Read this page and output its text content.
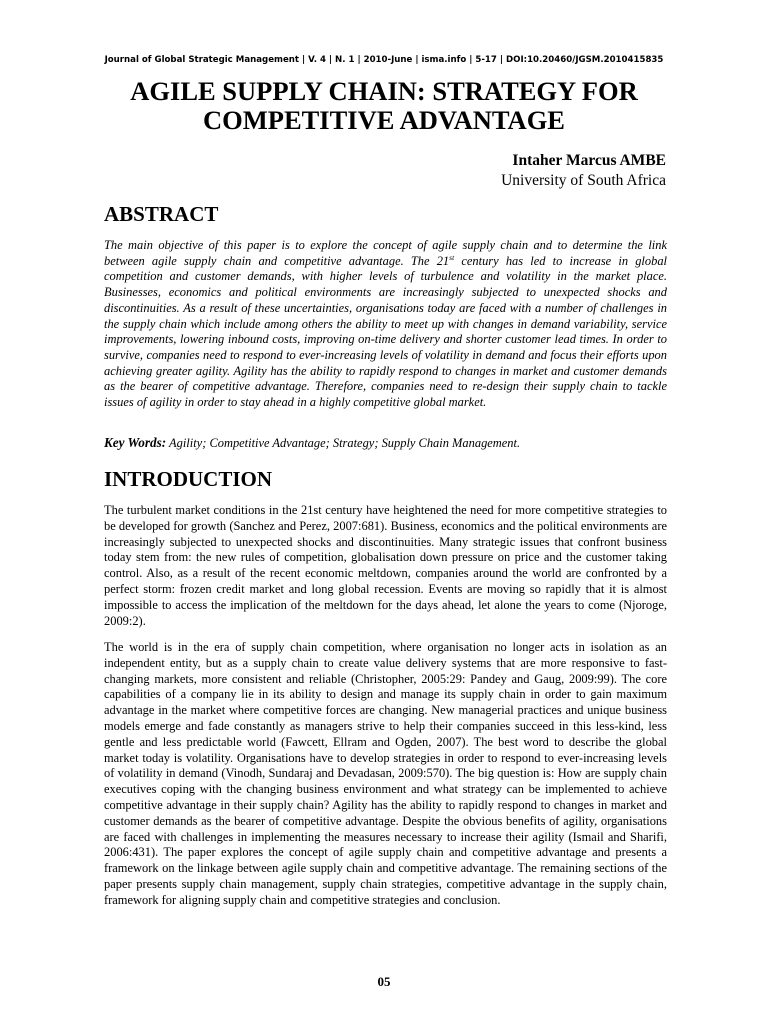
Journal of Global Strategic Management | V. 4 | N. 1 | 2010-June | isma.info | 5-17 | DOI:10.20460/JGSM.2010415835
AGILE SUPPLY CHAIN: STRATEGY FOR COMPETITIVE ADVANTAGE
Intaher Marcus AMBE
University of South Africa
ABSTRACT
The main objective of this paper is to explore the concept of agile supply chain and to determine the link between agile supply chain and competitive advantage. The 21st century has led to increase in global competition and customer demands, with higher levels of turbulence and volatility in the market place. Businesses, economics and political environments are increasingly subjected to unexpected shocks and discontinuities. As a result of these uncertainties, organisations today are faced with a number of challenges in the supply chain which include among others the ability to meet up with changes in demand variability, service improvements, lowering inbound costs, improving on-time delivery and shorter customer lead times. In order to survive, companies need to respond to ever-increasing levels of volatility in demand and focus their efforts upon achieving greater agility. Agility has the ability to rapidly respond to changes in market and customer demands as the bearer of competitive advantage. Therefore, companies need to re-design their supply chain to tackle issues of agility in order to stay ahead in a highly competitive global market.
Key Words: Agility; Competitive Advantage; Strategy; Supply Chain Management.
INTRODUCTION
The turbulent market conditions in the 21st century have heightened the need for more competitive strategies to be developed for growth (Sanchez and Perez, 2007:681). Business, economics and the political environments are increasingly subjected to unexpected shocks and discontinuities. Many strategic issues that confront business today stem from: the new rules of competition, globalisation down pressure on price and the customer taking control. Also, as a result of the recent economic meltdown, companies around the world are confronted by a perfect storm: frozen credit market and long global recession. Events are moving so rapidly that it is almost impossible to access the implication of the meltdown for the days ahead, let alone the years to come (Njoroge, 2009:2).
The world is in the era of supply chain competition, where organisation no longer acts in isolation as an independent entity, but as a supply chain to create value delivery systems that are more responsive to fast-changing markets, more consistent and reliable (Christopher, 2005:29: Pandey and Gaug, 2009:99). The core capabilities of a company lie in its ability to design and manage its supply chain in order to gain maximum advantage in the market where competitive forces are changing. New managerial practices and unique business models emerge and fade constantly as managers strive to help their companies succeed in this less-kind, less gentle and less predictable world (Fawcett, Ellram and Ogden, 2007). The best word to describe the global market today is volatility. Organisations have to develop strategies in order to respond to ever-increasing levels of volatility in demand (Vinodh, Sundaraj and Devadasan, 2009:570). The big question is: How are supply chain executives coping with the changing business environment and what strategy can be implemented to achieve competitive advantage in their supply chain? Agility has the ability to rapidly respond to changes in market and customer demands as the bearer of competitive advantage. Despite the obvious benefits of agility, organisations are faced with challenges in implementing the measures necessary to increase their agility (Ismail and Sharifi, 2006:431). The paper explores the concept of agile supply chain and competitive advantage and presents a framework on the linkage between agile supply chain and competitive advantage. The remaining sections of the paper presents supply chain management, supply chain strategies, competitive advantage in the supply chain, framework for aligning supply chain and competitive strategies and conclusion.
05
